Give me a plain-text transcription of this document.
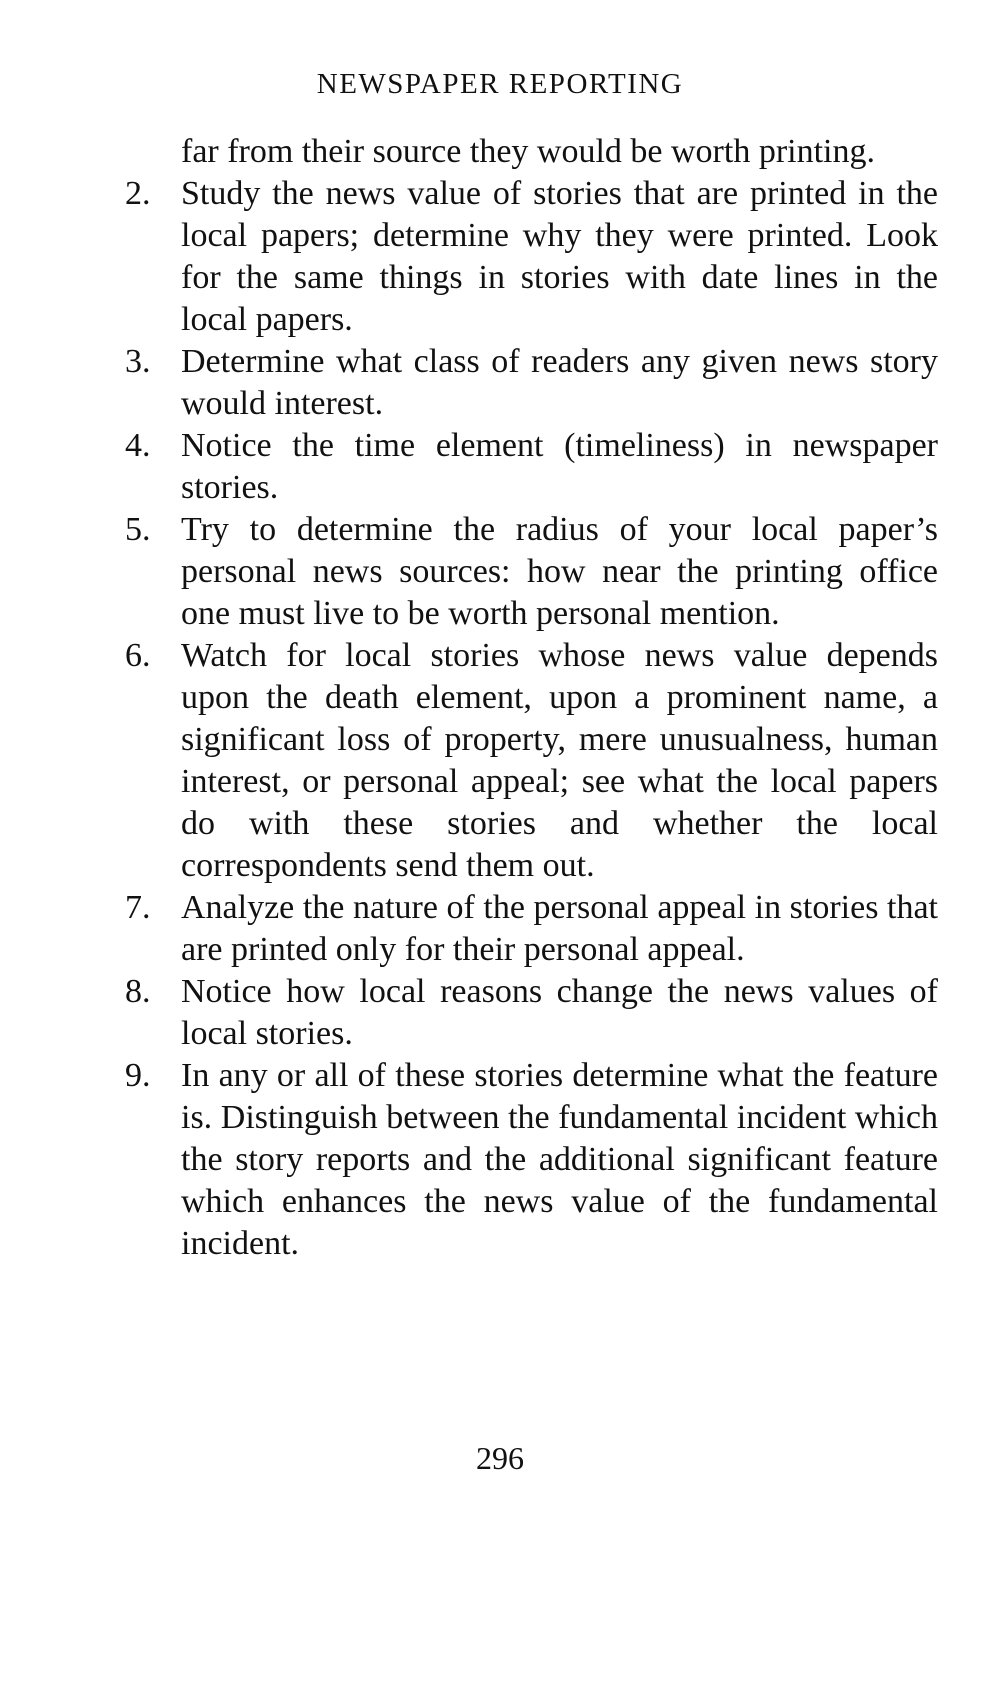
NEWSPAPER REPORTING

far from their source they would be worth printing.

2. Study the news value of stories that are printed in the local papers; determine why they were printed. Look for the same things in stories with date lines in the local papers.
3. Determine what class of readers any given news story would interest.
4. Notice the time element (timeliness) in newspaper stories.
5. Try to determine the radius of your local paper’s personal news sources: how near the printing office one must live to be worth personal mention.
6. Watch for local stories whose news value depends upon the death element, upon a prominent name, a significant loss of property, mere unusualness, human interest, or personal appeal; see what the local papers do with these stories and whether the local correspondents send them out.
7. Analyze the nature of the personal appeal in stories that are printed only for their personal appeal.
8. Notice how local reasons change the news values of local stories.
9. In any or all of these stories determine what the feature is. Distinguish between the fundamental incident which the story reports and the additional significant feature which enhances the news value of the fundamental incident.
296
